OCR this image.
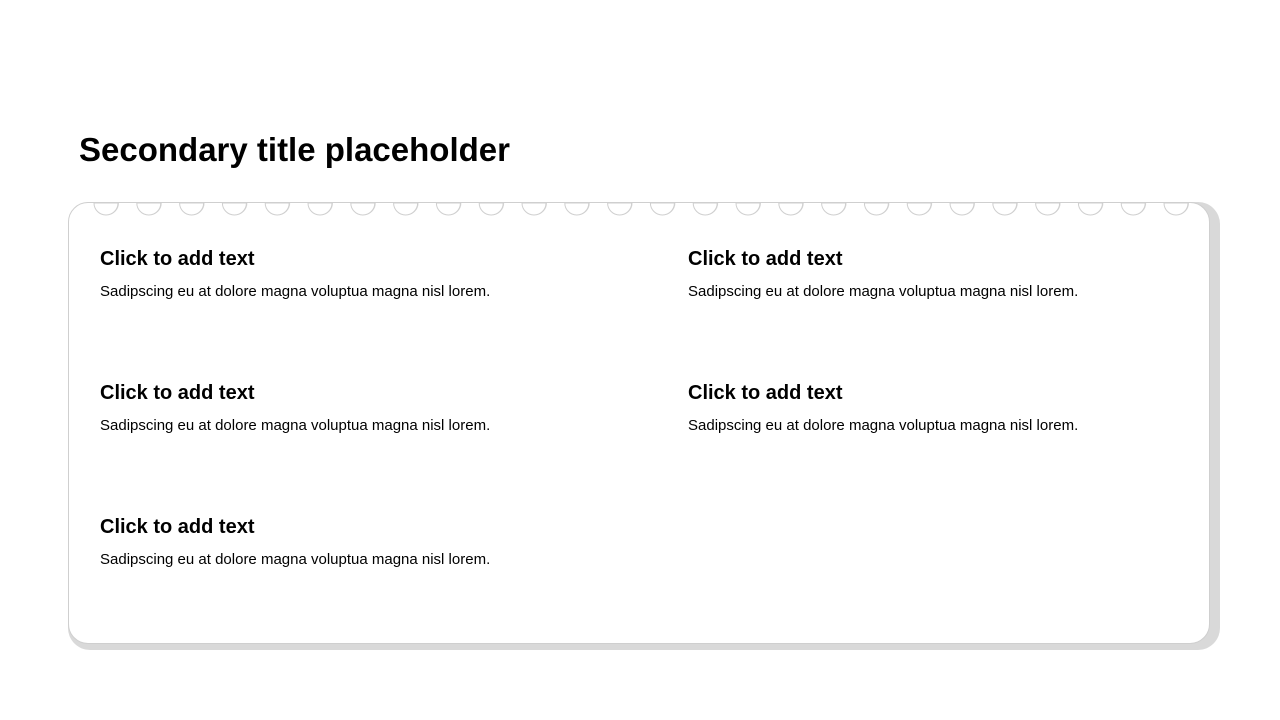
Secondary title placeholder
Click to add text

Sadipscing eu at dolore magna voluptua magna nisl lorem.

Click to add text

Sadipscing eu at dolore magna voluptua magna nisl lorem.

Click to add text

Sadipscing eu at dolore magna voluptua magna nisl lorem.

Click to add text

Sadipscing eu at dolore magna voluptua magna nisl lorem.

Click to add text

Sadipscing eu at dolore magna voluptua magna nisl lorem.
